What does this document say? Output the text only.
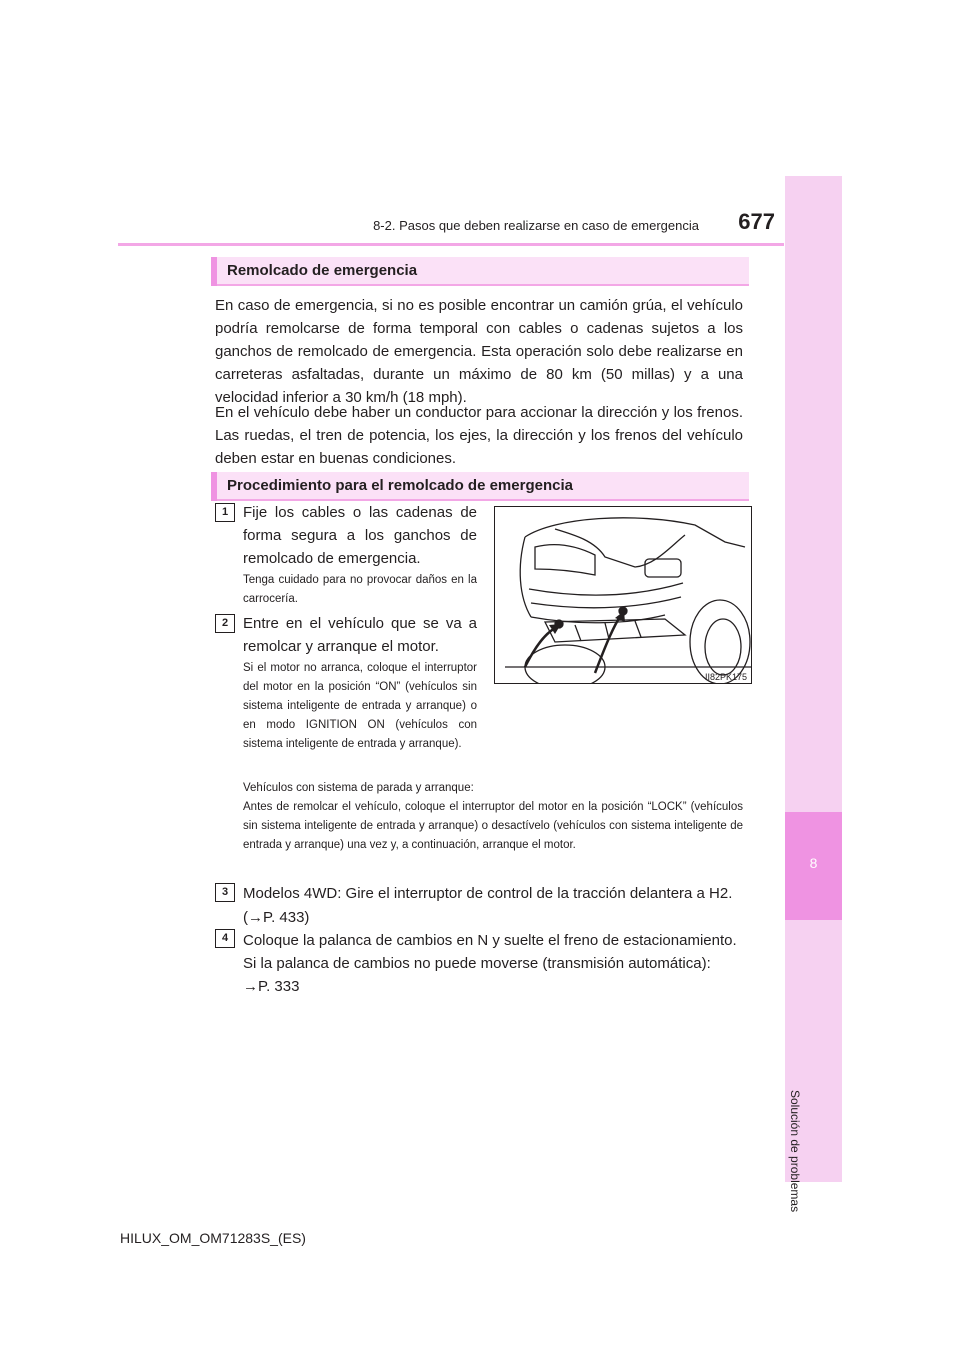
8-2. Pasos que deben realizarse en caso de emergencia	677
8
Solución de problemas
Remolcado de emergencia
En caso de emergencia, si no es posible encontrar un camión grúa, el vehículo podría remolcarse de forma temporal con cables o cadenas sujetos a los ganchos de remolcado de emergencia. Esta operación solo debe realizarse en carreteras asfaltadas, durante un máximo de 80 km (50 millas) y a una velocidad inferior a 30 km/h (18 mph).
En el vehículo debe haber un conductor para accionar la dirección y los frenos. Las ruedas, el tren de potencia, los ejes, la dirección y los frenos del vehículo deben estar en buenas condiciones.
Procedimiento para el remolcado de emergencia
1 Fije los cables o las cadenas de forma segura a los ganchos de remolcado de emergencia.
Tenga cuidado para no provocar daños en la carrocería.
2 Entre en el vehículo que se va a remolcar y arranque el motor.
Si el motor no arranca, coloque el interruptor del motor en la posición “ON” (vehículos sin sistema inteligente de entrada y arranque) o en modo IGNITION ON (vehículos con sistema inteligente de entrada y arranque).
Vehículos con sistema de parada y arranque:
Antes de remolcar el vehículo, coloque el interruptor del motor en la posición “LOCK” (vehículos sin sistema inteligente de entrada y arranque) o desactívelo (vehículos con sistema inteligente de entrada y arranque) una vez y, a continuación, arranque el motor.
3 Modelos 4WD: Gire el interruptor de control de la tracción delantera a H2.
(→P. 433)
4 Coloque la palanca de cambios en N y suelte el freno de estacionamiento.
Si la palanca de cambios no puede moverse (transmisión automática):
→P. 333
II82PK175
HILUX_OM_OM71283S_(ES)
